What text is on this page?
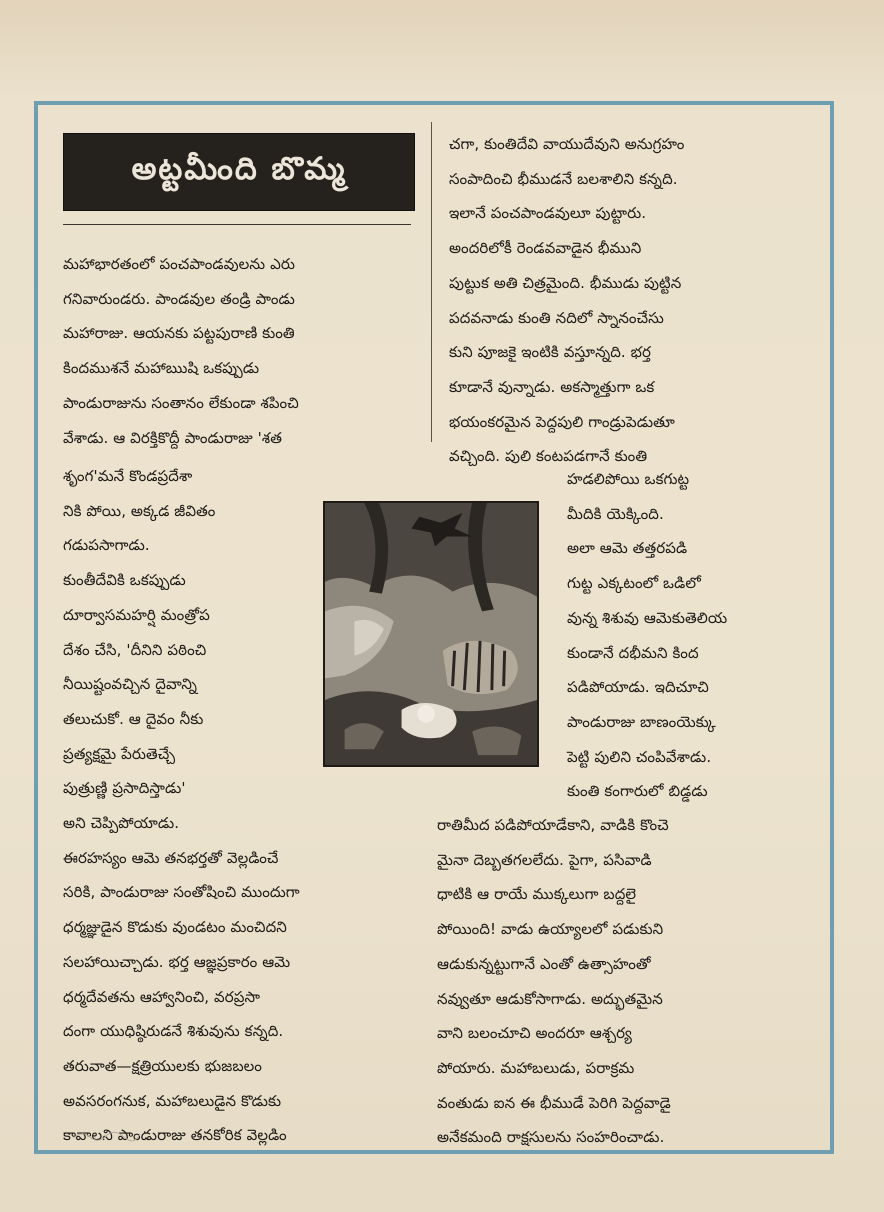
అట్టమీంది బొమ్మ

మహాభారతంలో పంచపాండవులను ఎరు
గనివారుండరు. పాండవుల తండ్రి పాండు
మహారాజు. ఆయనకు పట్టపురాణి కుంతి
కిందముశనే మహాఋషి ఒకప్పుడు
పాండురాజును సంతానం లేకుండా శపించి
వేశాడు. ఆ విరక్తికొద్దీ పాండురాజు 'శత

శృంగ'మనే కొండప్రదేశా
నికి పోయి, అక్కడ జీవితం
గడుపసాగాడు.
కుంతీదేవికి ఒకప్పుడు
దూర్వాసమహర్షి మంత్రోప
దేశం చేసి, 'దీనిని పఠించి
నీయిష్టంవచ్చిన దైవాన్ని
తలుచుకో. ఆ దైవం నీకు
ప్రత్యక్షమై పేరుతెచ్చే
పుత్రుణ్ణి ప్రసాదిస్తాడు'

అని చెప్పిపోయాడు.
ఈరహస్యం ఆమె తనభర్తతో వెల్లడించే
సరికి, పాండురాజు సంతోషించి ముందుగా
ధర్మజ్ఞుడైన కొడుకు వుండటం మంచిదని
సలహాయిచ్చాడు. భర్త ఆజ్ఞప్రకారం ఆమె
ధర్మదేవతను ఆహ్వానించి, వరప్రసా
దంగా యుధిష్ఠిరుడనే శిశువును కన్నది.
తరువాత—క్షత్రియులకు భుజబలం
అవసరంగనుక, మహాబలుడైన కొడుకు
కావాలని పాండురాజు తనకోరిక వెల్లడిం

చగా, కుంతిదేవి వాయుదేవుని అనుగ్రహం
సంపాదించి భీముడనే బలశాలిని కన్నది.
ఇలానే పంచపాండవులూ పుట్టారు.
అందరిలోకీ రెండవవాడైన భీముని
పుట్టుక అతి చిత్రమైంది. భీముడు పుట్టిన
పదవనాడు కుంతి నదిలో స్నానంచేసు
కుని పూజకై ఇంటికి వస్తూన్నది. భర్త
కూడానే వున్నాడు. అకస్మాత్తుగా ఒక
భయంకరమైన పెద్దపులి గాండ్రుపెడుతూ
వచ్చింది. పులి కంటపడగానే కుంతి

హడలిపోయి ఒకగుట్ట
మీదికి యెక్కింది.
అలా ఆమె తత్తరపడి
గుట్ట ఎక్కటంలో ఒడిలో
వున్న శిశువు ఆమెకుతెలియ
కుండానే దభీమని కింద
పడిపోయాడు. ఇదిచూచి
పాండురాజు బాణంయెక్కు
పెట్టి పులిని చంపివేశాడు.
కుంతి కంగారులో బిడ్డడు

రాతిమీద పడిపోయాడేకాని, వాడికి కొంచె
మైనా దెబ్బతగలలేదు. పైగా, పసివాడి
ధాటికి ఆ రాయే ముక్కలుగా బద్దలై
పోయింది! వాడు ఉయ్యాలలో పడుకుని
ఆడుకున్నట్టుగానే ఎంతో ఉత్సాహంతో
నవ్వుతూ ఆడుకోసాగాడు. అద్భుతమైన
వాని బలంచూచి అందరూ ఆశ్చర్య
పోయారు. మహాబలుడు, పరాక్రమ
వంతుడు ఐన ఈ భీముడే పెరిగి పెద్దవాడై
అనేకమంది రాక్షసులను సంహరించాడు.
